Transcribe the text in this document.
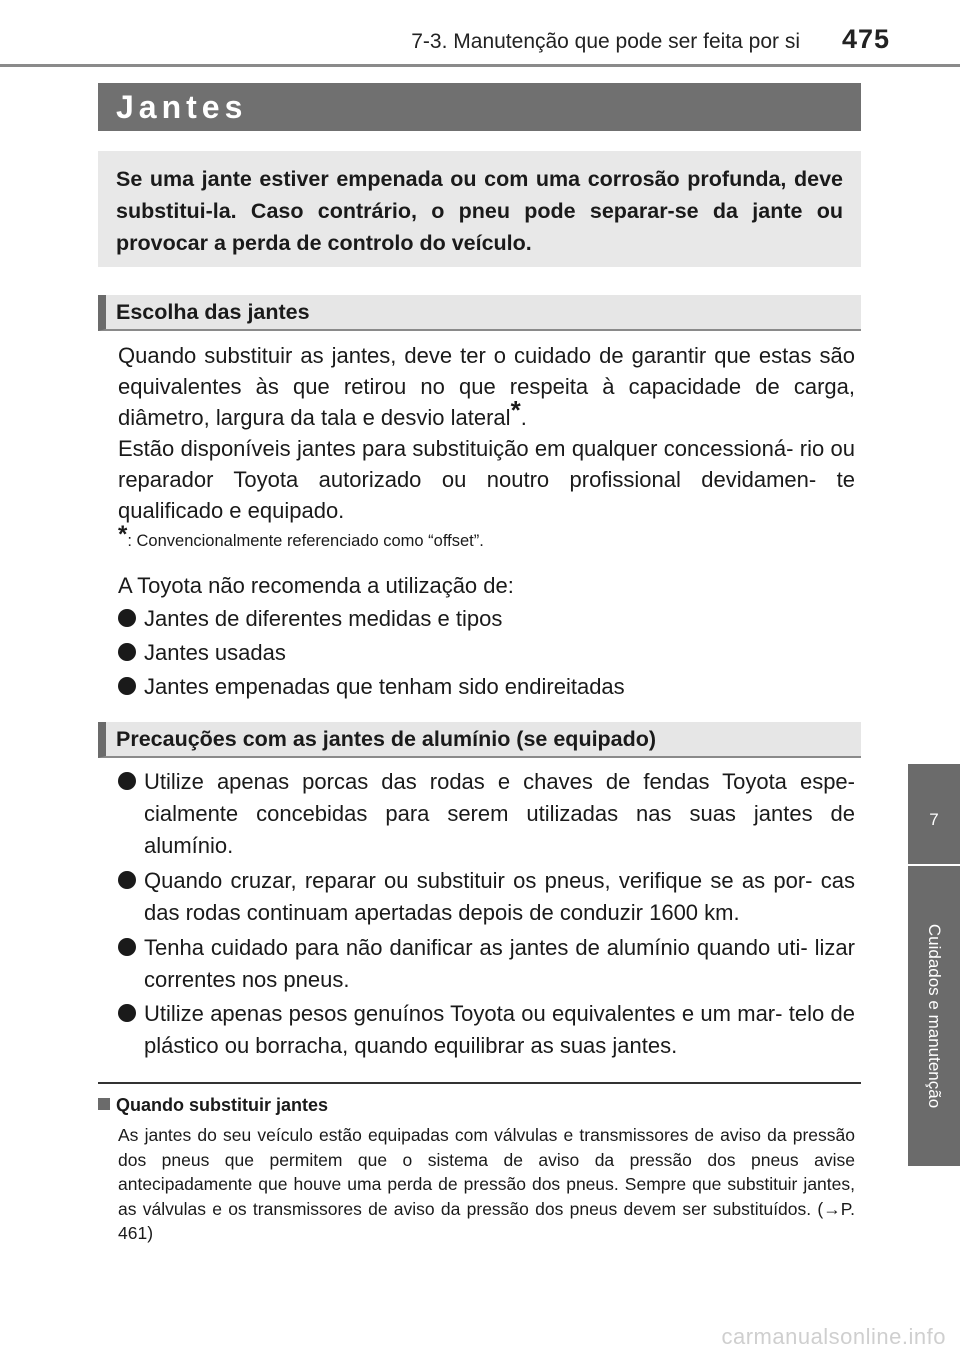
7-3. Manutenção que pode ser feita por si 475
7
Cuidados e manutenção
Jantes

Se uma jante estiver empenada ou com uma corrosão profunda, deve substitui-la. Caso contrário, o pneu pode separar-se da jante ou provocar a perda de controlo do veículo.

Escolha das jantes
Quando substituir as jantes, deve ter o cuidado de garantir que estas são equivalentes às que retirou no que respeita à capacidade de carga, diâmetro, largura da tala e desvio lateral*.
Estão disponíveis jantes para substituição em qualquer concessioná- rio ou reparador Toyota autorizado ou noutro profissional devidamen- te qualificado e equipado.
*: Convencionalmente referenciado como “offset”.
A Toyota não recomenda a utilização de:
Jantes de diferentes medidas e tipos
Jantes usadas
Jantes empenadas que tenham sido endireitadas
Precauções com as jantes de alumínio (se equipado)
Utilize apenas porcas das rodas e chaves de fendas Toyota espe- cialmente concebidas para serem utilizadas nas suas jantes de alumínio.
Quando cruzar, reparar ou substituir os pneus, verifique se as por- cas das rodas continuam apertadas depois de conduzir 1600 km.
Tenha cuidado para não danificar as jantes de alumínio quando uti- lizar correntes nos pneus.
Utilize apenas pesos genuínos Toyota ou equivalentes e um mar- telo de plástico ou borracha, quando equilibrar as suas jantes.
Quando substituir jantes
As jantes do seu veículo estão equipadas com válvulas e transmissores de aviso da pressão dos pneus que permitem que o sistema de aviso da pressão dos pneus avise antecipadamente que houve uma perda de pressão dos pneus. Sempre que substituir jantes, as válvulas e os transmissores de aviso da pressão dos pneus devem ser substituídos. (→P. 461)
carmanualsonline.info
